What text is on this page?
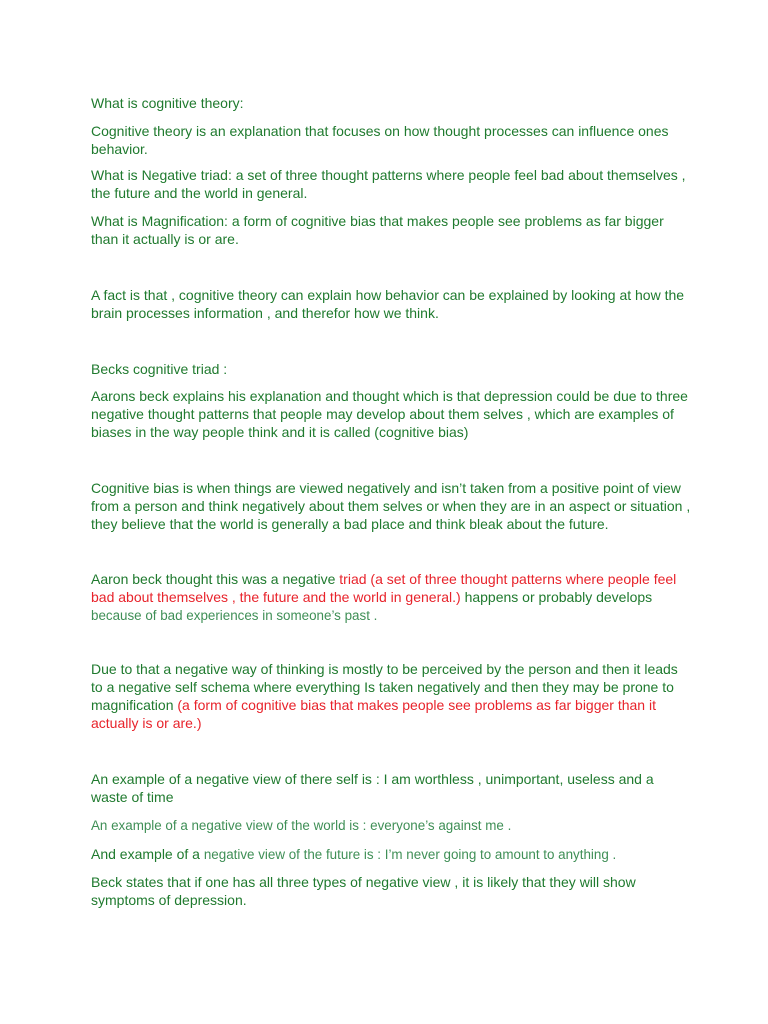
What is cognitive theory:

Cognitive theory is an explanation that focuses on how thought processes can influence ones behavior.

What is Negative triad: a set of three thought patterns where people feel bad about themselves , the future and the world in general.

What is Magnification: a form of cognitive bias that makes people see problems as far bigger than it actually is or are.

A fact is that , cognitive theory can explain how behavior can be explained by looking at how the brain processes information , and therefor how we think.

Becks cognitive triad :

Aarons beck explains his explanation and thought which is that depression could be due to three negative thought patterns that people may develop about them selves , which are examples of biases in the way people think and it is called (cognitive bias)

Cognitive bias is when things are viewed negatively and isn’t taken from a positive point of view from a person and think negatively about them selves or when they are in an aspect or situation , they believe that the world is generally a bad place and think bleak about the future.

Aaron beck thought this was a negative triad (a set of three thought patterns where people feel bad about themselves , the future and the world in general.) happens or probably develops because of bad experiences in someone’s past .

Due to that a negative way of thinking is mostly to be perceived by the person and then it leads to a negative self schema where everything Is taken negatively and then they may be prone to magnification (a form of cognitive bias that makes people see problems as far bigger than it actually is or are.)

An example of a negative view of there self is : I am worthless , unimportant, useless and a waste of time

An example of a negative view of the world is : everyone’s against me .

And example of a negative view of the future is : I’m never going to amount to anything .

Beck states that if one has all three types of negative view , it is likely that they will show symptoms of depression.
